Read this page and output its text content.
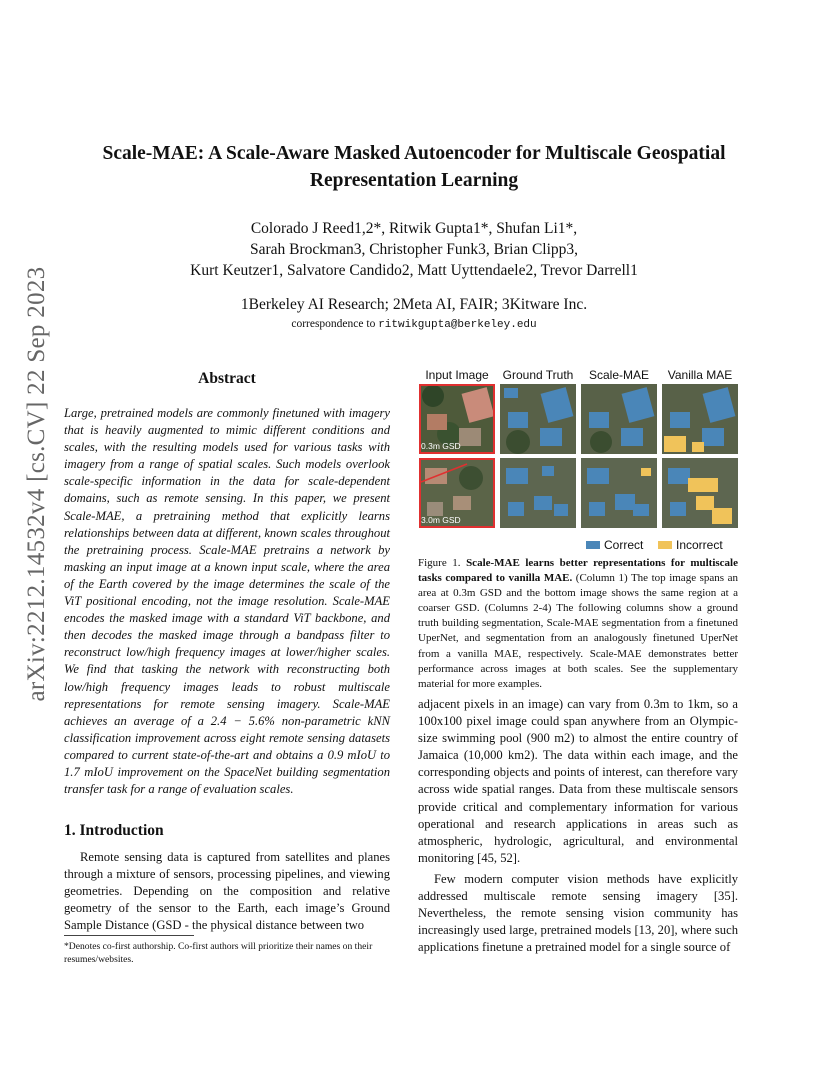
arXiv:2212.14532v4 [cs.CV] 22 Sep 2023
Scale-MAE: A Scale-Aware Masked Autoencoder for Multiscale Geospatial
Representation Learning
Colorado J Reed1,2*, Ritwik Gupta1*, Shufan Li1*,
Sarah Brockman3, Christopher Funk3, Brian Clipp3,
Kurt Keutzer1, Salvatore Candido2, Matt Uyttendaele2, Trevor Darrell1
1Berkeley AI Research; 2Meta AI, FAIR; 3Kitware Inc.
correspondence to ritwikgupta@berkeley.edu
Abstract
Large, pretrained models are commonly finetuned with imagery that is heavily augmented to mimic different conditions and scales, with the resulting models used for various tasks with imagery from a range of spatial scales. Such models overlook scale-specific information in the data for scale-dependent domains, such as remote sensing. In this paper, we present Scale-MAE, a pretraining method that explicitly learns relationships between data at different, known scales throughout the pretraining process. Scale-MAE pretrains a network by masking an input image at a known input scale, where the area of the Earth covered by the image determines the scale of the ViT positional encoding, not the image resolution. Scale-MAE encodes the masked image with a standard ViT backbone, and then decodes the masked image through a bandpass filter to reconstruct low/high frequency images at lower/higher scales. We find that tasking the network with reconstructing both low/high frequency images leads to robust multiscale representations for remote sensing imagery. Scale-MAE achieves an average of a 2.4 − 5.6% non-parametric kNN classification improvement across eight remote sensing datasets compared to current state-of-the-art and obtains a 0.9 mIoU to 1.7 mIoU improvement on the SpaceNet building segmentation transfer task for a range of evaluation scales.
1. Introduction

Remote sensing data is captured from satellites and planes through a mixture of sensors, processing pipelines, and viewing geometries. Depending on the composition and relative geometry of the sensor to the Earth, each image’s Ground Sample Distance (GSD - the physical distance between two

*Denotes co-first authorship. Co-first authors will prioritize their names on their resumes/websites.
Input Image	Ground Truth	Scale-MAE	Vanilla MAE
0.3m GSD
3.0m GSD
Correct	Incorrect
Figure 1. Scale-MAE learns better representations for multiscale tasks compared to vanilla MAE. (Column 1) The top image spans an area at 0.3m GSD and the bottom image shows the same region at a coarser GSD. (Columns 2-4) The following columns show a ground truth building segmentation, Scale-MAE segmentation from a finetuned UperNet, and segmentation from an analogously finetuned UperNet from a vanilla MAE, respectively. Scale-MAE demonstrates better performance across images at both scales. See the supplementary material for more examples.

adjacent pixels in an image) can vary from 0.3m to 1km, so a 100x100 pixel image could span anywhere from an Olympic-size swimming pool (900 m2) to almost the entire country of Jamaica (10,000 km2). The data within each image, and the corresponding objects and points of interest, can therefore vary across wide spatial ranges. Data from these multiscale sensors provide critical and complementary information for various operational and research applications in areas such as atmospheric, hydrologic, agricultural, and environmental monitoring [45, 52].

Few modern computer vision methods have explicitly addressed multiscale remote sensing imagery [35]. Nevertheless, the remote sensing vision community has increasingly used large, pretrained models [13, 20], where such applications finetune a pretrained model for a single source of
